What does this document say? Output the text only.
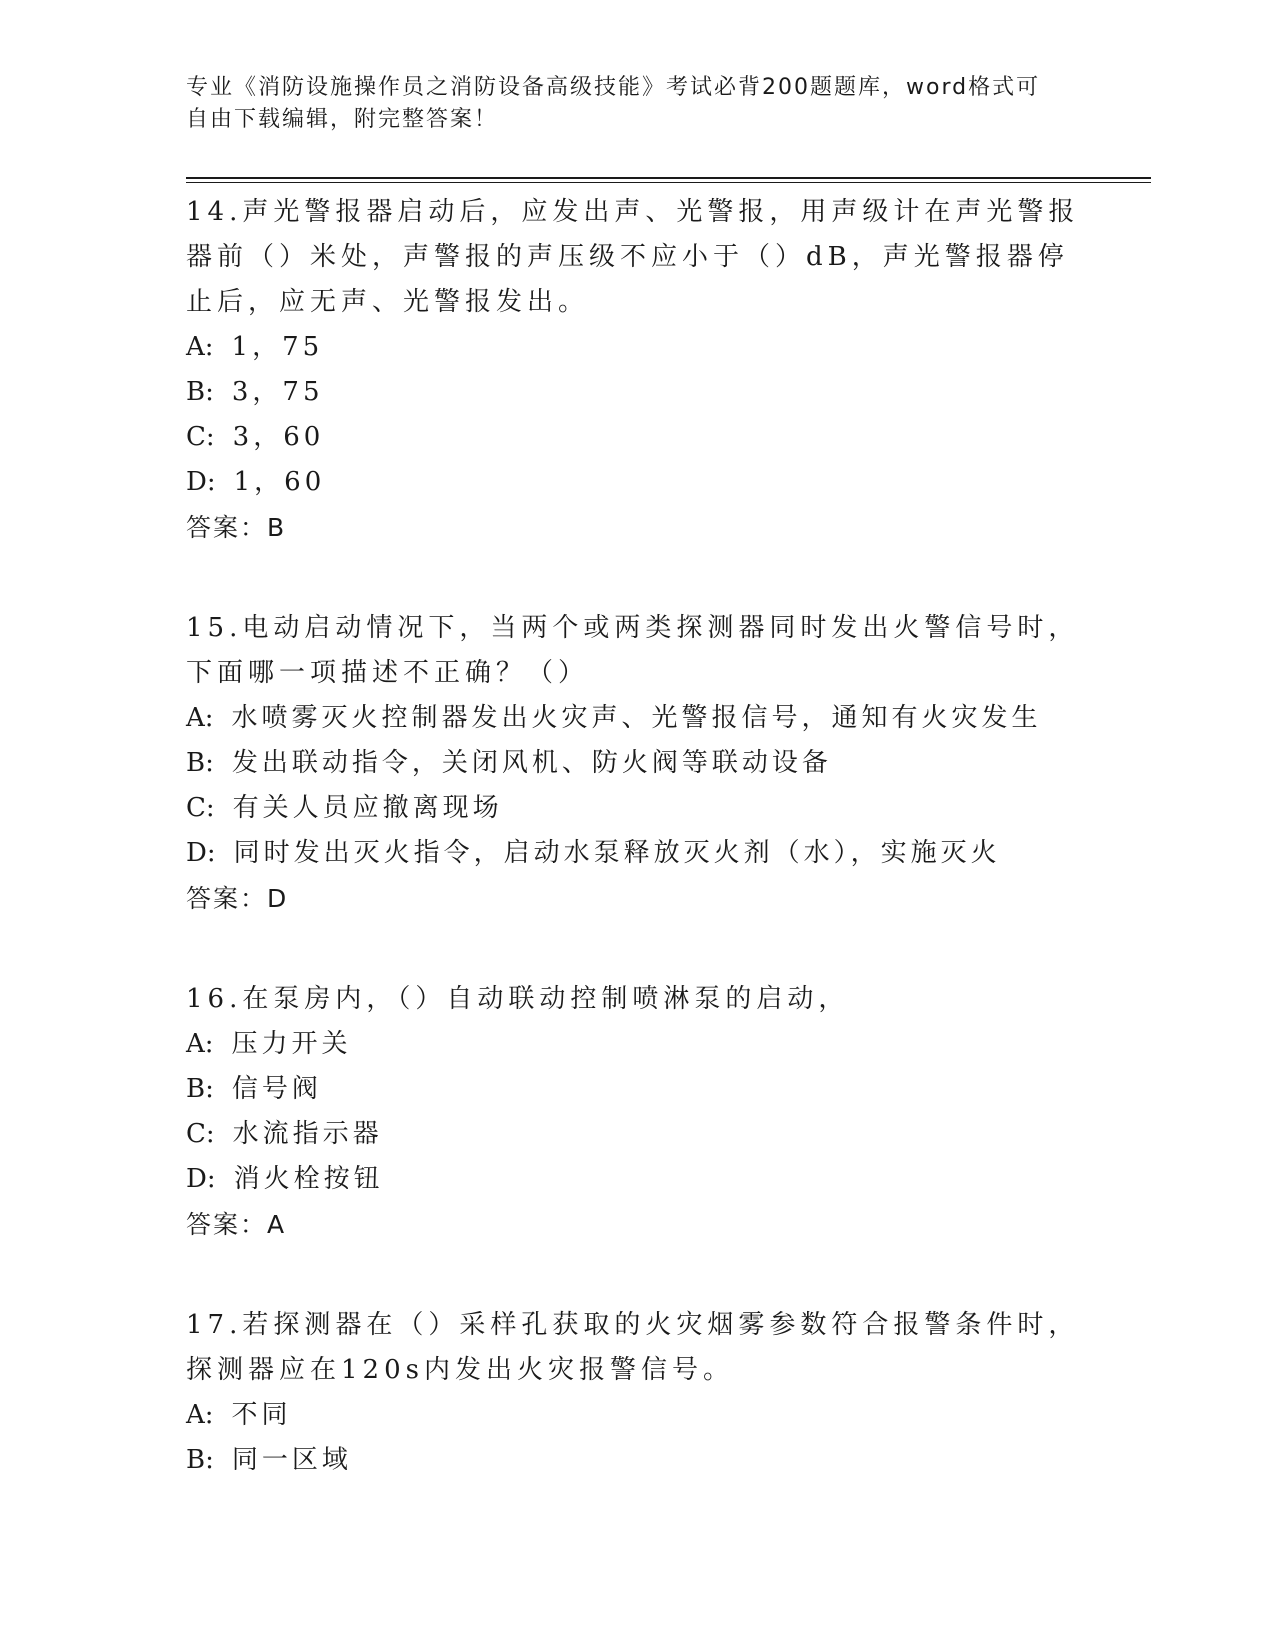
专业《消防设施操作员之消防设备高级技能》考试必背200题题库，word格式可
自由下载编辑，附完整答案！

14.声光警报器启动后，应发出声、光警报，用声级计在声光警报器前（）米处，声警报的声压级不应小于（）dB，声光警报器停止后，应无声、光警报发出。

A: 1，75

B: 3，75

C: 3，60

D: 1，60

答案：B

15.电动启动情况下，当两个或两类探测器同时发出火警信号时，下面哪一项描述不正确？（）

A: 水喷雾灭火控制器发出火灾声、光警报信号，通知有火灾发生

B: 发出联动指令，关闭风机、防火阀等联动设备

C: 有关人员应撤离现场

D: 同时发出灭火指令，启动水泵释放灭火剂（水），实施灭火

答案：D

16.在泵房内，（）自动联动控制喷淋泵的启动，

A: 压力开关

B: 信号阀

C: 水流指示器

D: 消火栓按钮

答案：A

17.若探测器在（）采样孔获取的火灾烟雾参数符合报警条件时，探测器应在120s内发出火灾报警信号。

A: 不同

B: 同一区域
